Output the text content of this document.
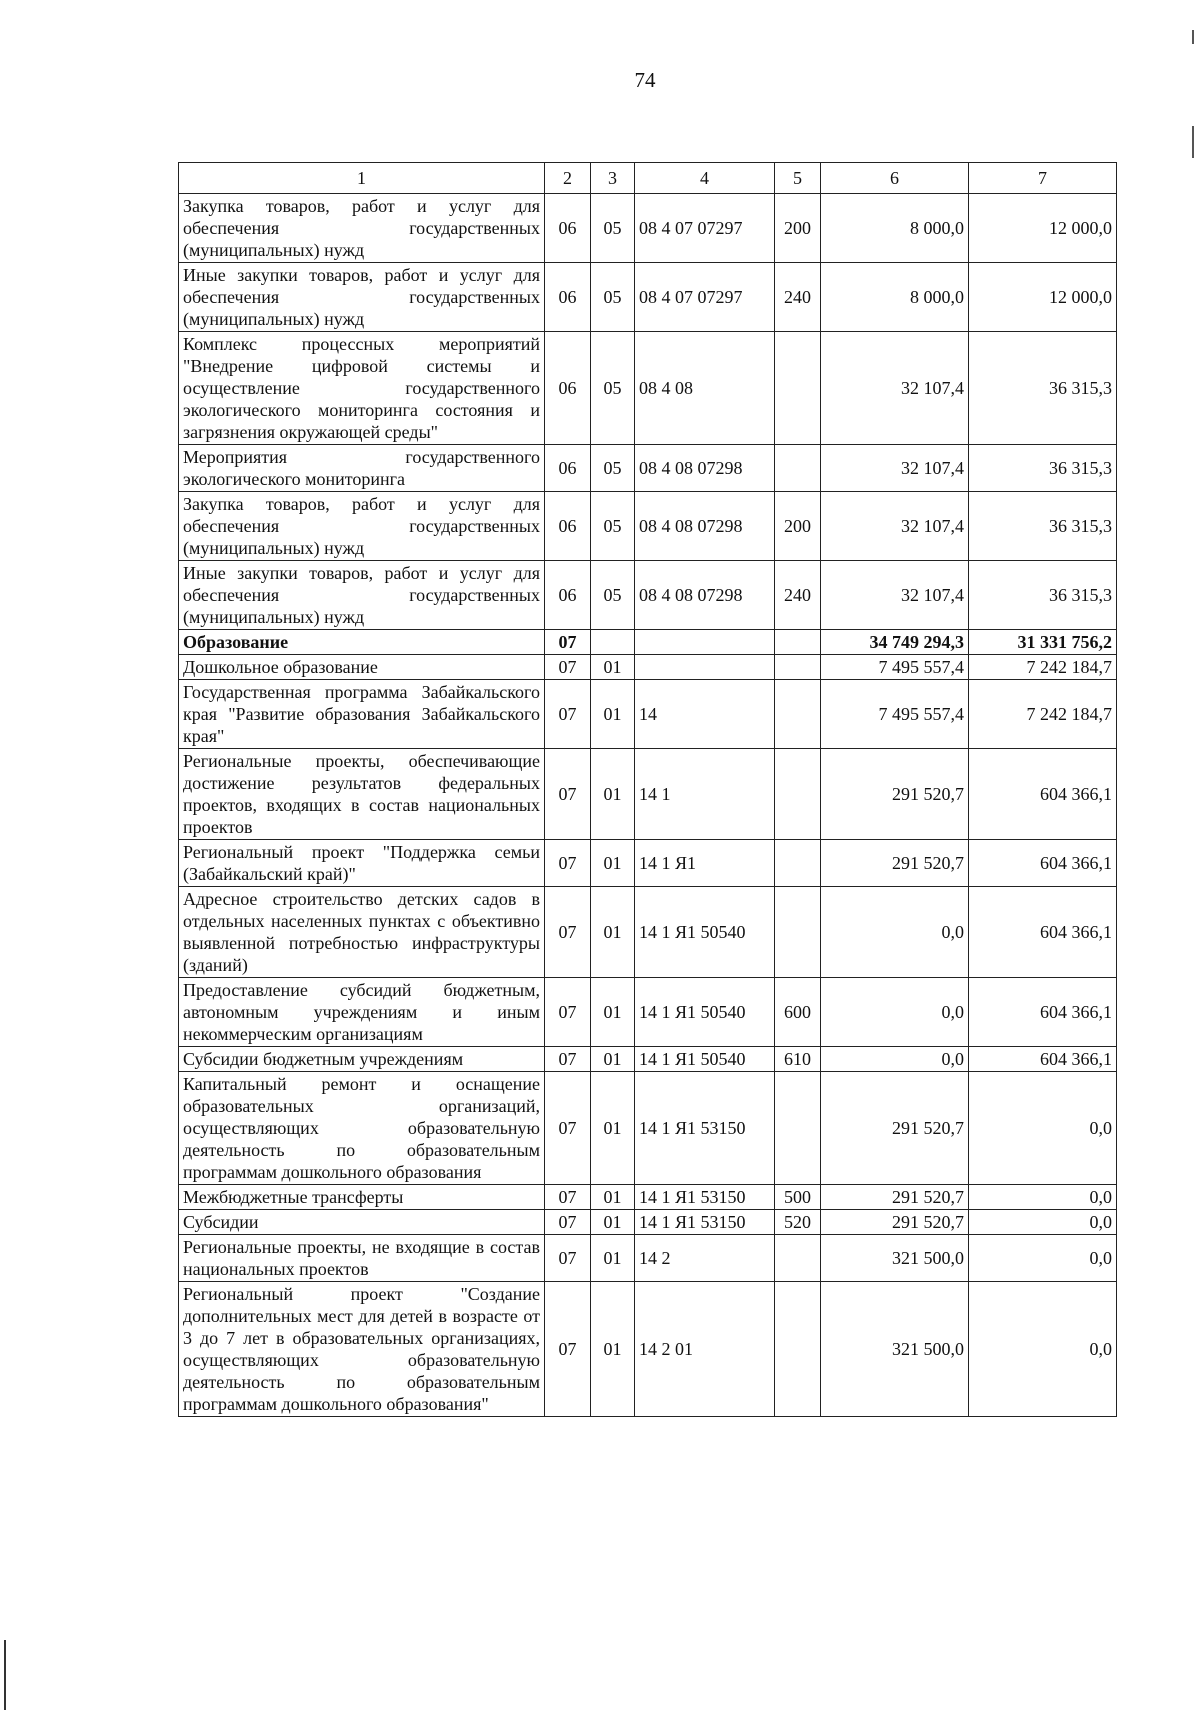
74
1	2	3	4	5	6	7
Закупка товаров, работ и услуг для обеспечения государственных (муниципальных) нужд	06	05	08 4 07 07297	200	8 000,0	12 000,0
Иные закупки товаров, работ и услуг для обеспечения государственных (муниципальных) нужд	06	05	08 4 07 07297	240	8 000,0	12 000,0
Комплекс процессных мероприятий "Внедрение цифровой системы и осуществление государственного экологического мониторинга состояния и загрязнения окружающей среды"	06	05	08 4 08		32 107,4	36 315,3
Мероприятия государственного экологического мониторинга	06	05	08 4 08 07298		32 107,4	36 315,3
Закупка товаров, работ и услуг для обеспечения государственных (муниципальных) нужд	06	05	08 4 08 07298	200	32 107,4	36 315,3
Иные закупки товаров, работ и услуг для обеспечения государственных (муниципальных) нужд	06	05	08 4 08 07298	240	32 107,4	36 315,3
Образование	07				34 749 294,3	31 331 756,2
Дошкольное образование	07	01			7 495 557,4	7 242 184,7
Государственная программа Забайкальского края "Развитие образования Забайкальского края"	07	01	14		7 495 557,4	7 242 184,7
Региональные проекты, обеспечивающие достижение результатов федеральных проектов, входящих в состав национальных проектов	07	01	14 1		291 520,7	604 366,1
Региональный проект "Поддержка семьи (Забайкальский край)"	07	01	14 1 Я1		291 520,7	604 366,1
Адресное строительство детских садов в отдельных населенных пунктах с объективно выявленной потребностью инфраструктуры (зданий)	07	01	14 1 Я1 50540		0,0	604 366,1
Предоставление субсидий бюджетным, автономным учреждениям и иным некоммерческим организациям	07	01	14 1 Я1 50540	600	0,0	604 366,1
Субсидии бюджетным учреждениям	07	01	14 1 Я1 50540	610	0,0	604 366,1
Капитальный ремонт и оснащение образовательных организаций, осуществляющих образовательную деятельность по образовательным программам дошкольного образования	07	01	14 1 Я1 53150		291 520,7	0,0
Межбюджетные трансферты	07	01	14 1 Я1 53150	500	291 520,7	0,0
Субсидии	07	01	14 1 Я1 53150	520	291 520,7	0,0
Региональные проекты, не входящие в состав национальных проектов	07	01	14 2		321 500,0	0,0
Региональный проект "Создание дополнительных мест для детей в возрасте от 3 до 7 лет в образовательных организациях, осуществляющих образовательную деятельность по образовательным программам дошкольного образования"	07	01	14 2 01		321 500,0	0,0
